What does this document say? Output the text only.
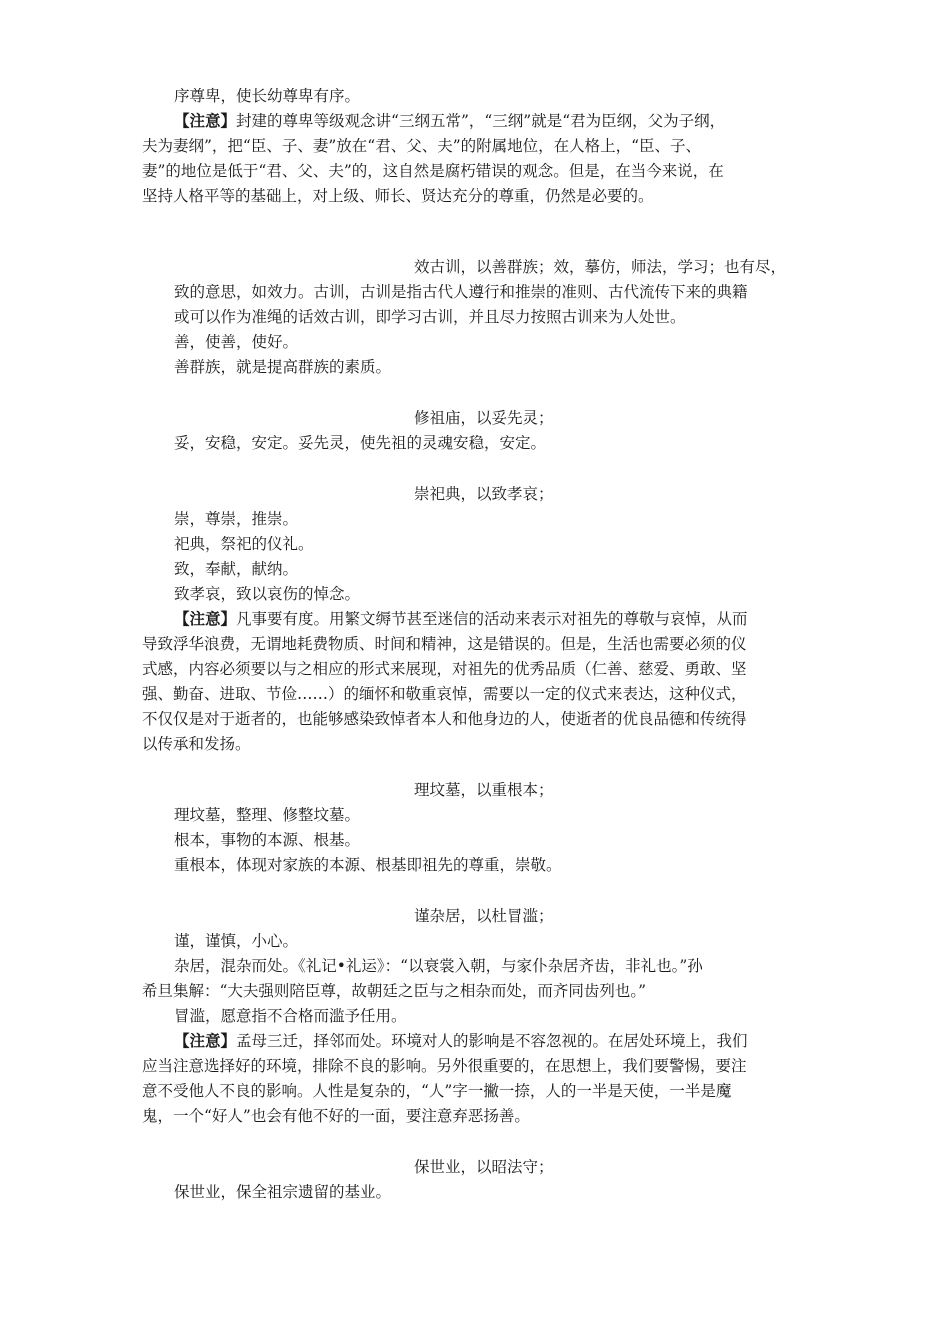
序尊卑，使长幼尊卑有序。
【注意】封建的尊卑等级观念讲“三纲五常”，“三纲”就是“君为臣纲，父为子纲，
夫为妻纲”，把“臣、子、妻”放在“君、父、夫”的附属地位，在人格上，“臣、子、
妻”的地位是低于“君、父、夫”的，这自然是腐朽错误的观念。但是，在当今来说，在
坚持人格平等的基础上，对上级、师长、贤达充分的尊重，仍然是必要的。
效古训，以善群族；效，摹仿，师法，学习；也有尽，
致的意思，如效力。古训，古训是指古代人遵行和推崇的准则、古代流传下来的典籍
或可以作为准绳的话效古训，即学习古训，并且尽力按照古训来为人处世。
善，使善，使好。
善群族，就是提高群族的素质。
修祖庙，以妥先灵；
妥，安稳，安定。妥先灵，使先祖的灵魂安稳，安定。
崇祀典，以致孝哀；
崇，尊崇，推崇。
祀典，祭祀的仪礼。
致，奉献，献纳。
致孝哀，致以哀伤的悼念。
【注意】凡事要有度。用繁文缛节甚至迷信的活动来表示对祖先的尊敬与哀悼，从而
导致浮华浪费，无谓地耗费物质、时间和精神，这是错误的。但是，生活也需要必须的仪
式感，内容必须要以与之相应的形式来展现，对祖先的优秀品质（仁善、慈爱、勇敢、坚
强、勤奋、进取、节俭……）的缅怀和敬重哀悼，需要以一定的仪式来表达，这种仪式，
不仅仅是对于逝者的，也能够感染致悼者本人和他身边的人，使逝者的优良品德和传统得
以传承和发扬。
理坟墓，以重根本；
理坟墓，整理、修整坟墓。
根本，事物的本源、根基。
重根本，体现对家族的本源、根基即祖先的尊重，崇敬。
谨杂居，以杜冒滥；
谨，谨慎，小心。
杂居，混杂而处。《礼记•礼运》：“以衰裳入朝，与家仆杂居齐齿，非礼也。”孙
希旦集解：“大夫强则陪臣尊，故朝廷之臣与之相杂而处，而齐同齿列也。”
冒滥，愿意指不合格而滥予任用。
【注意】孟母三迁，择邻而处。环境对人的影响是不容忽视的。在居处环境上，我们
应当注意选择好的环境，排除不良的影响。另外很重要的，在思想上，我们要警惕，要注
意不受他人不良的影响。人性是复杂的，“人”字一撇一捺，人的一半是天使，一半是魔
鬼，一个“好人”也会有他不好的一面，要注意弃恶扬善。
保世业，以昭法守；
保世业，保全祖宗遗留的基业。
